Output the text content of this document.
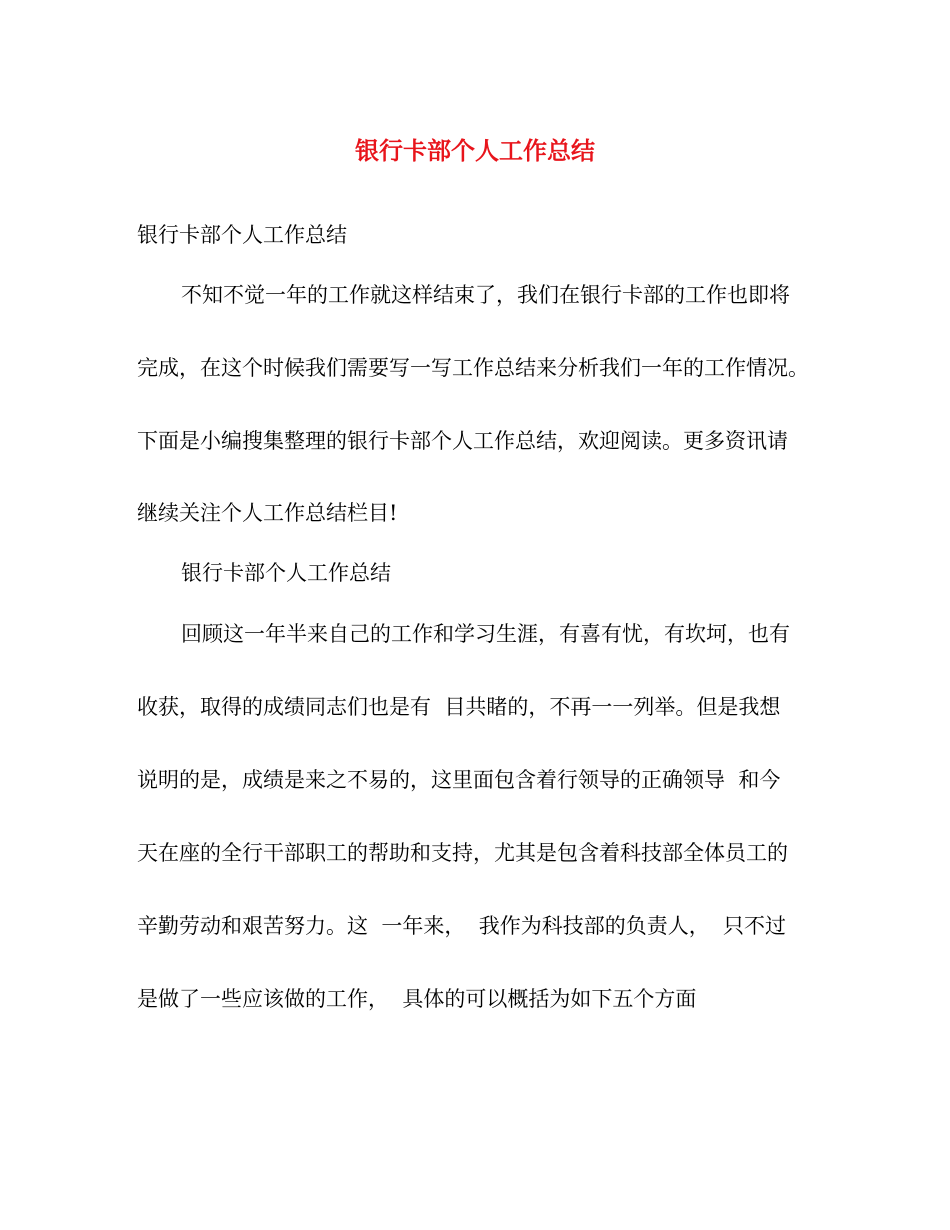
银行卡部个人工作总结
银行卡部个人工作总结
不知不觉一年的工作就这样结束了，我们在银行卡部的工作也即将
完成，在这个时候我们需要写一写工作总结来分析我们一年的工作情况。
下面是小编搜集整理的银行卡部个人工作总结，欢迎阅读。更多资讯请
继续关注个人工作总结栏目!
银行卡部个人工作总结
回顾这一年半来自己的工作和学习生涯，有喜有忧，有坎坷，也有
收获，取得的成绩同志们也是有  目共睹的，不再一一列举。但是我想
说明的是，成绩是来之不易的，这里面包含着行领导的正确领导  和今
天在座的全行干部职工的帮助和支持，尤其是包含着科技部全体员工的
辛勤劳动和艰苦努力。这  一年来，  我作为科技部的负责人，  只不过
是做了一些应该做的工作，  具体的可以概括为如下五个方面
